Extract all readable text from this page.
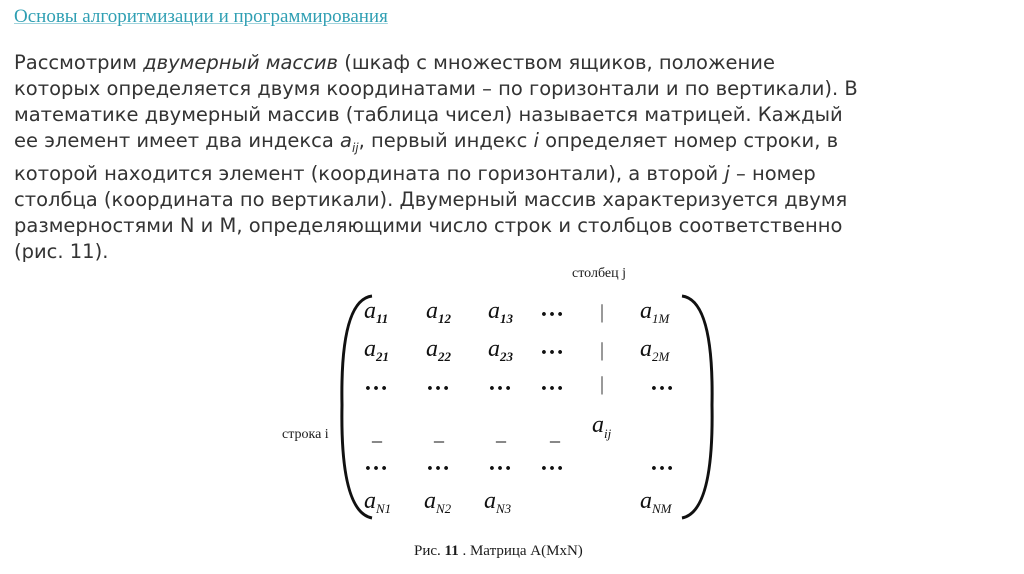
Основы алгоритмизации и программирования

Рассмотрим двумерный массив (шкаф с множеством ящиков, положение

которых определяется двумя координатами – по горизонтали и по вертикали). В

математике двумерный массив (таблица чисел) называется матрицей. Каждый

ее элемент имеет два индекса $a_{ij}$, первый индекс i определяет номер строки, в

которой находится элемент (координата по горизонтали), а второй j – номер

столбца (координата по вертикали). Двумерный массив характеризуется двумя

размерностями N и M, определяющими число строк и столбцов соответственно

(рис. 11).

столбец j
строка i
$a_{11}$ $a_{12}$ $a_{13}$ … | $a_{1M}$
$a_{21}$ $a_{22}$ $a_{23}$ … | $a_{2M}$
… … … … | …
_	_	_ _ $a_{ij}$
… … … …	…
$a_{N1}$ $a_{N2}$ $a_{N3}$	$a_{NM}$
Рис. 11 . Матрица A(MxN)
